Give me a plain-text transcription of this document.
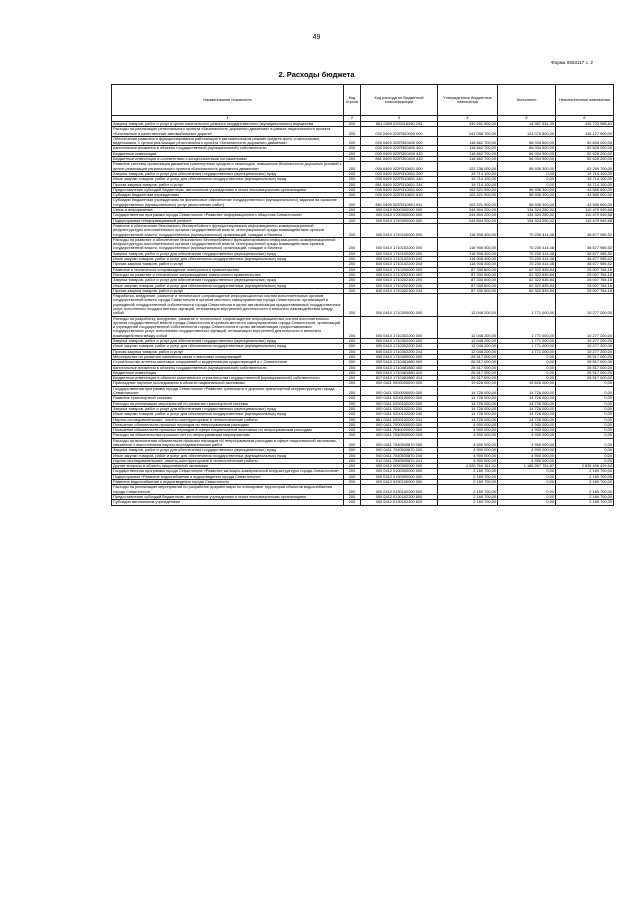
49
Форма 0503117 с. 2
2. Расходы бюджета
Наименование показателя	Код строки	Код расхода по бюджетной классификации	Утвержденные бюджетные назначения	Исполнено	Неисполненные назначения
1	2	3	4	5	6
Закупка товаров, работ и услуг в целях капитального ремонта государственного (муниципального) имущества	200	861 0409 0220116390 243	430 651 500,00	14 967 531,39	415 723 968,61
Расходы на реализацию регионального проекта «Безопасность дорожного движения» в рамках национального проекта «Безопасные и качественные автомобильные дороги»	200	000 0409 022R300000 000	241 098 700,00	124 070 800,00	116 127 900,00
Обеспечение развития и функционирования работающих в автоматическом режиме средств фото- и киносъемки, видеозаписи, с целью реализации регионального проекта «Безопасность дорожного движения»	200	000 0409 022R300400 000	118 662 700,00	66 034 500,00	52 628 200,00
Капитальные вложения в объекты государственной (муниципальной) собственности	200	000 0409 022R300400 400	118 662 700,00	66 034 500,00	52 628 200,00
Бюджетные инвестиции	200	000 0409 022R300400 410	118 662 700,00	66 034 500,00	52 628 200,00
Бюджетные инвестиции в соответствии с концессионными соглашениями	200	861 0409 022R300400 415	118 662 700,00	66 034 500,00	52 628 200,00
Развитие системы организации движения транспортных средств и пешеходов, повышение безопасности дорожных условий с целью реализации регионального проекта «Безопасность дорожного движения»	200	000 0409 022R310601 000	122 236 000,00	58 936 300,00	63 299 700,00
Закупка товаров, работ и услуг для обеспечения государственных (муниципальных) нужд	200	000 0409 022R310601 200	19 714 100,00	0,00	19 714 100,00
Иные закупки товаров, работ и услуг для обеспечения государственных (муниципальных) нужд	200	000 0409 022R310601 240	19 714 100,00	0,00	19 714 100,00
Прочая закупка товаров, работ и услуг	200	861 0409 022R310601 244	19 714 100,00	0,00	19 714 100,00
Предоставление субсидий бюджетным, автономным учреждениям и иным некоммерческим организациям	200	000 0409 022R310601 600	102 521 900,00	58 936 300,00	43 585 600,00
Субсидии бюджетным учреждениям	200	000 0409 022R310601 610	102 521 900,00	58 936 300,00	43 585 600,00
Субсидии бюджетным учреждениям на финансовое обеспечение государственного (муниципального) задания на оказание государственных (муниципальных) услуг (выполнение работ)	200	861 0409 022R310601 611	102 521 900,00	58 936 300,00	43 585 600,00
Связь и информатика	200	000 0410 0000000000 000	244 804 200,00	134 324 250,32	110 479 949,68
Государственная программа города Севастополя «Развитие информационного общества Севастополя»	200	000 0410 1700000000 000	244 804 200,00	134 324 250,32	110 479 949,68
Подпрограмма «Информационный регион»	200	000 0410 1710000000 000	244 804 200,00	134 324 250,32	110 479 949,68
Развитие и обеспечение безопасного бесперебойного функционирования информационно-коммуникационной инфраструктуры исполнительных органов государственной власти, интеграционной среды взаимодействия органов государственной власти, государственных (муниципальных) организаций, граждан и бизнеса	200	000 0410 1710100000 000	118 908 400,00	70 230 414,48	48 677 985,52
Расходы на развитие и обеспечение безопасного бесперебойного функционирования информационно-коммуникационной инфраструктуры исполнительных органов государственной власти, интеграционной среды взаимодействия органов государственной власти, государственных (муниципальных) организаций, граждан и бизнеса	200	000 0410 1710102200 000	118 908 400,00	70 230 414,48	48 677 985,52
Закупка товаров, работ и услуг для обеспечения государственных (муниципальных) нужд	200	000 0410 1710102200 200	118 908 400,00	70 230 414,48	48 677 985,52
Иные закупки товаров, работ и услуг для обеспечения государственных (муниципальных) нужд	200	000 0410 1710102200 240	118 908 400,00	70 230 414,48	48 677 985,52
Прочая закупка товаров, работ и услуг	200	840 0410 1710102200 244	118 908 400,00	70 230 414,48	48 677 985,52
Развитие и техническое сопровождение электронного правительства	200	000 0410 1710200000 000	87 330 600,00	62 322 835,84	25 007 764,16
Расходы на развитие и техническое сопровождение электронного правительства	200	000 0410 1710202300 000	87 330 600,00	62 322 835,84	25 007 764,16
Закупка товаров, работ и услуг для обеспечения государственных (муниципальных) нужд	200	000 0410 1710202300 200	87 330 600,00	62 322 835,84	25 007 764,16
Иные закупки товаров, работ и услуг для обеспечения государственных (муниципальных) нужд	200	000 0410 1710202300 240	87 330 600,00	62 322 835,84	25 007 764,16
Прочая закупка товаров, работ и услуг	200	840 0410 1710202300 244	87 330 600,00	62 322 835,84	25 007 764,16
Разработка, внедрение, развитие и техническое сопровождение информационных систем исполнительных органов государственной власти города Севастополя и органов местного самоуправления города Севастополя, организаций и учреждений государственной собственности города Севастополя в целях автоматизации предоставляемых государственных услуг, исполнения государственных функций, оптимизации внутренней деятельности и внешнего взаимодействия между собой	200	000 0410 1710300000 000	12 048 200,00	1 771 000,00	10 277 200,00
Расходы на разработку, внедрение, развитие и техническое сопровождение информационных систем исполнительных органов государственной власти города Севастополя и органов местного самоуправления города Севастополя, организаций и учреждений государственной собственности города Севастополя в целях автоматизации предоставляемых государственных услуг, исполнения государственных функций, оптимизации внутренней деятельности и внешнего взаимодействия между собой	200	000 0410 1710302200 000	12 048 200,00	1 771 000,00	10 277 200,00
Закупка товаров, работ и услуг для обеспечения государственных (муниципальных) нужд	200	000 0410 1710302200 200	12 048 200,00	1 771 000,00	10 277 200,00
Иные закупки товаров, работ и услуг для обеспечения государственных (муниципальных) нужд	200	000 0410 1710302200 240	12 048 200,00	1 771 000,00	10 277 200,00
Прочая закупка товаров, работ и услуг	200	840 0410 1710302200 244	12 048 200,00	1 771 000,00	10 277 200,00
Мероприятия по развитию комплекса связи и массовых коммуникаций	200	000 0410 1710400000 000	26 517 000,00	0,00	26 517 000,00
Строительство антенно-мачтовых сооружений и модернизация существующей в г. Севастополе	200	000 0410 1710481880 000	26 517 000,00	0,00	26 517 000,00
Капитальные вложения в объекты государственной (муниципальной) собственности	200	000 0410 1710481880 400	26 517 000,00	0,00	26 517 000,00
Бюджетные инвестиции	200	000 0410 1710481880 410	26 517 000,00	0,00	26 517 000,00
Бюджетные инвестиции в объекты капитального строительства государственной (муниципальной) собственности	200	817 0410 1710481880 414	26 517 000,00	0,00	26 517 000,00
Прикладные научные исследования в области национальной экономики	200	000 0411 0000000000 000	19 626 000,00	19 626 000,00	0,00
Государственная программа города Севастополя «Развитие транспорта и дорожно-транспортной инфраструктуры города Севастополя»	200	000 0411 0200000000 000	14 726 000,00	14 726 000,00	0,00
Развитие транспортной системы	200	000 0411 0200100000 000	14 726 000,00	14 726 000,00	0,00
Расходы на реализацию мероприятий по развитию транспортной системы	200	000 0411 0200102200 000	14 726 000,00	14 726 000,00	0,00
Закупка товаров, работ и услуг для обеспечения государственных (муниципальных) нужд	200	000 0411 0200102200 200	14 726 000,00	14 726 000,00	0,00
Иные закупки товаров, работ и услуг для обеспечения государственных (муниципальных) нужд	200	000 0411 0200102200 240	14 726 000,00	14 726 000,00	0,00
Научно-исследовательские, опытно-конструкторские и технологические работы	200	861 0411 0200102200 241	14 726 000,00	14 726 000,00	0,00
Погашение обязательств прошлых периодов по непрограммным расходам	200	000 0411 7000000000 000	4 900 000,00	4 900 000,00	0,00
Погашение обязательств прошлых периодов в сфере национальной экономики по непрограммным расходам	200	000 0411 7040000000 000	4 900 000,00	4 900 000,00	0,00
Расходы на обязательства прошлых лет по непрограммным мероприятиям	200	000 0411 7040500000 000	4 900 000,00	4 900 000,00	0,00
Расходы на выполнение обязательств прошлых периодов по непрограммным расходам в сфере национальной экономики, связанные с выполнением научно-исследовательских работ	200	000 0411 7040500870 000	4 900 000,00	4 900 000,00	0,00
Закупка товаров, работ и услуг для обеспечения государственных (муниципальных) нужд	200	000 0411 7040500870 200	4 900 000,00	4 900 000,00	0,00
Иные закупки товаров, работ и услуг для обеспечения государственных (муниципальных) нужд	200	000 0411 7040500870 240	4 900 000,00	4 900 000,00	0,00
Научно-исследовательские, опытно-конструкторские и технологические работы	200	012 0411 7040500870 241	4 900 000,00	4 900 000,00	0,00
Другие вопросы в области национальной экономики	200	000 0412 0000000000 000	4 020 764 161,41	1 185 267 751,87	2 835 496 419,54
Государственная программа города Севастополя «Развитие жилищно-коммунальной инфраструктуры города Севастополя»	200	000 0412 0100000000 000	2 169 700,00	0,00	2 169 700,00
Подпрограмма «Развитие водоснабжения и водоотведения города Севастополя»	200	000 0412 0130000000 000	2 169 700,00	0,00	2 169 700,00
Развитие водоснабжения и водоотведения города Севастополя	200	000 0412 0130100000 000	2 169 700,00	0,00	2 169 700,00
Расходы на реализацию мероприятий по разработке документации по планировке территории объектов водоснабжения города Севастополя	200	000 0412 0130102200 000	2 169 700,00	0,00	2 169 700,00
Предоставление субсидий бюджетным, автономным учреждениям и иным некоммерческим организациям	200	000 0412 0130102200 600	2 169 700,00	0,00	2 169 700,00
Субсидии автономным учреждениям	200	000 0412 0130102200 620	2 169 700,00	0,00	2 169 700,00
